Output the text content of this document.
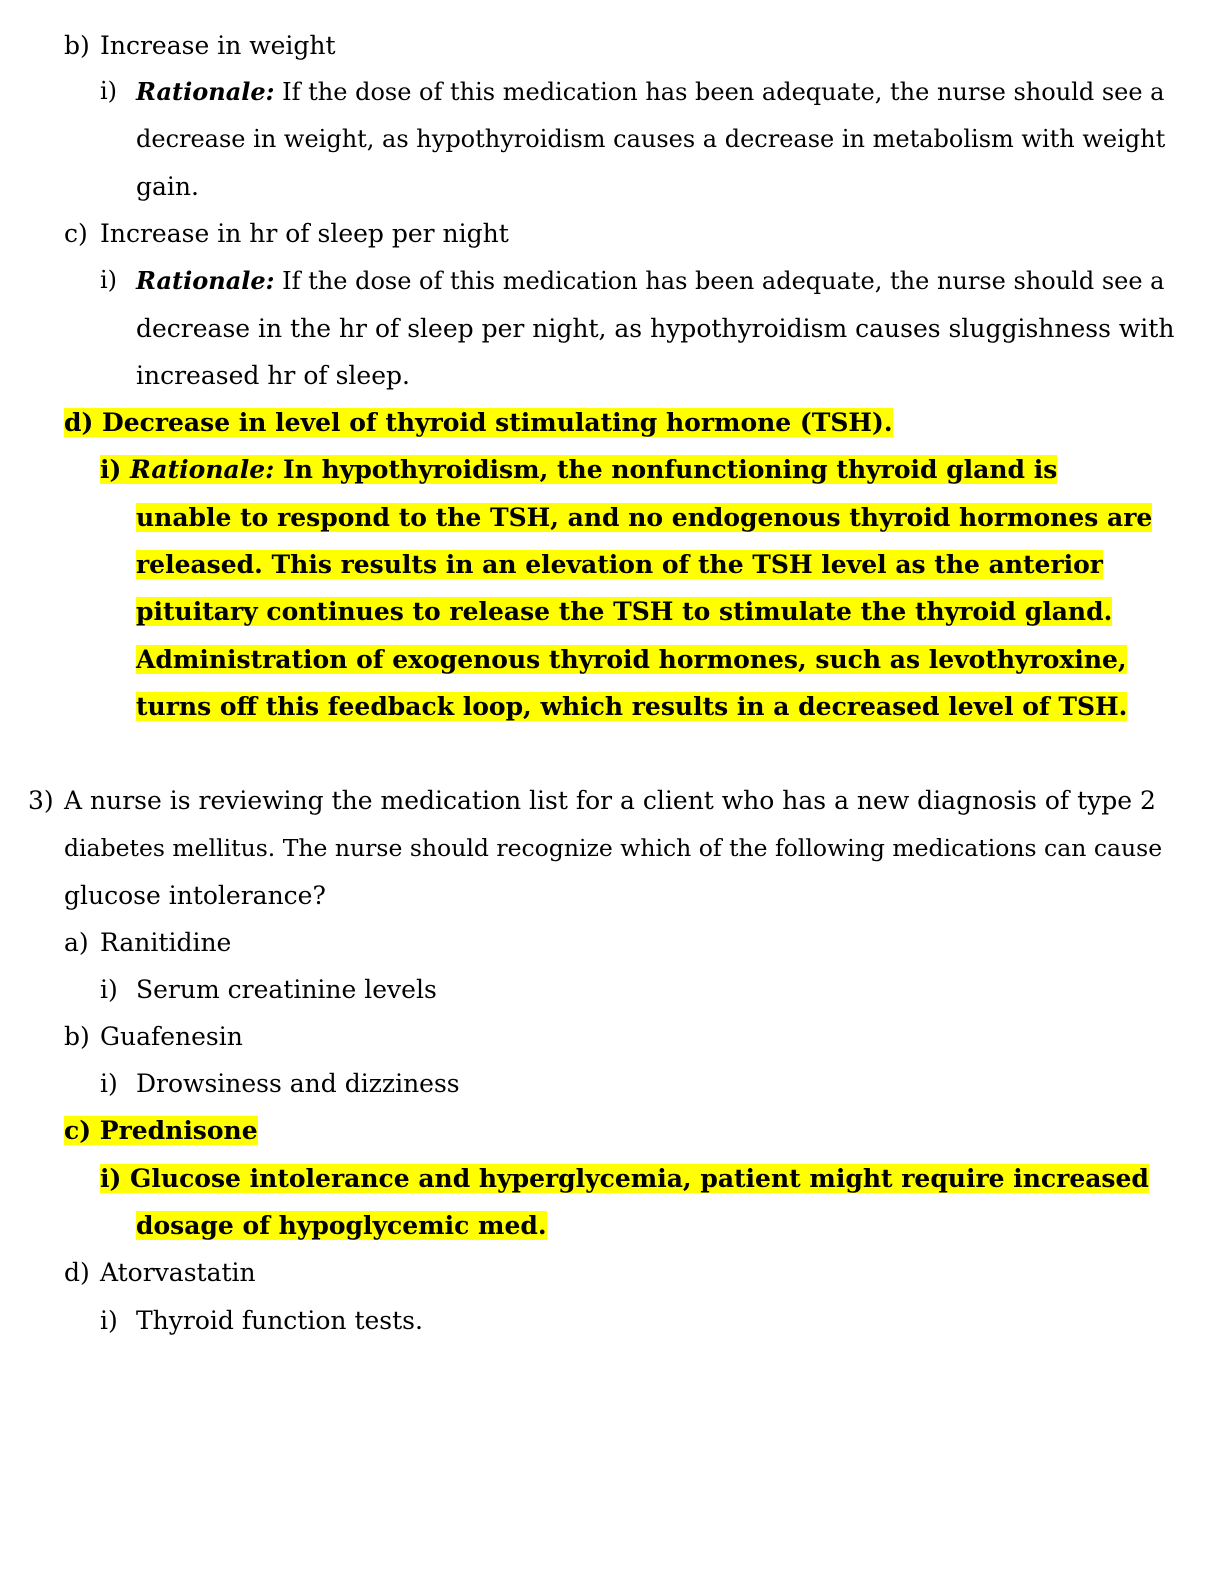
b) Increase in weight
i) Rationale: If the dose of this medication has been adequate, the nurse should see a
decrease in weight, as hypothyroidism causes a decrease in metabolism with weight
gain.
c) Increase in hr of sleep per night
i) Rationale: If the dose of this medication has been adequate, the nurse should see a
decrease in the hr of sleep per night, as hypothyroidism causes sluggishness with
increased hr of sleep.
d) Decrease in level of thyroid stimulating hormone (TSH).
i) Rationale: In hypothyroidism, the nonfunctioning thyroid gland is
unable to respond to the TSH, and no endogenous thyroid hormones are
released. This results in an elevation of the TSH level as the anterior
pituitary continues to release the TSH to stimulate the thyroid gland.
Administration of exogenous thyroid hormones, such as levothyroxine,
turns off this feedback loop, which results in a decreased level of TSH.
3) A nurse is reviewing the medication list for a client who has a new diagnosis of type 2
diabetes mellitus. The nurse should recognize which of the following medications can cause
glucose intolerance?
a) Ranitidine
i) Serum creatinine levels
b) Guafenesin
i) Drowsiness and dizziness
c) Prednisone
i) Glucose intolerance and hyperglycemia, patient might require increased
dosage of hypoglycemic med.
d) Atorvastatin
i) Thyroid function tests.
